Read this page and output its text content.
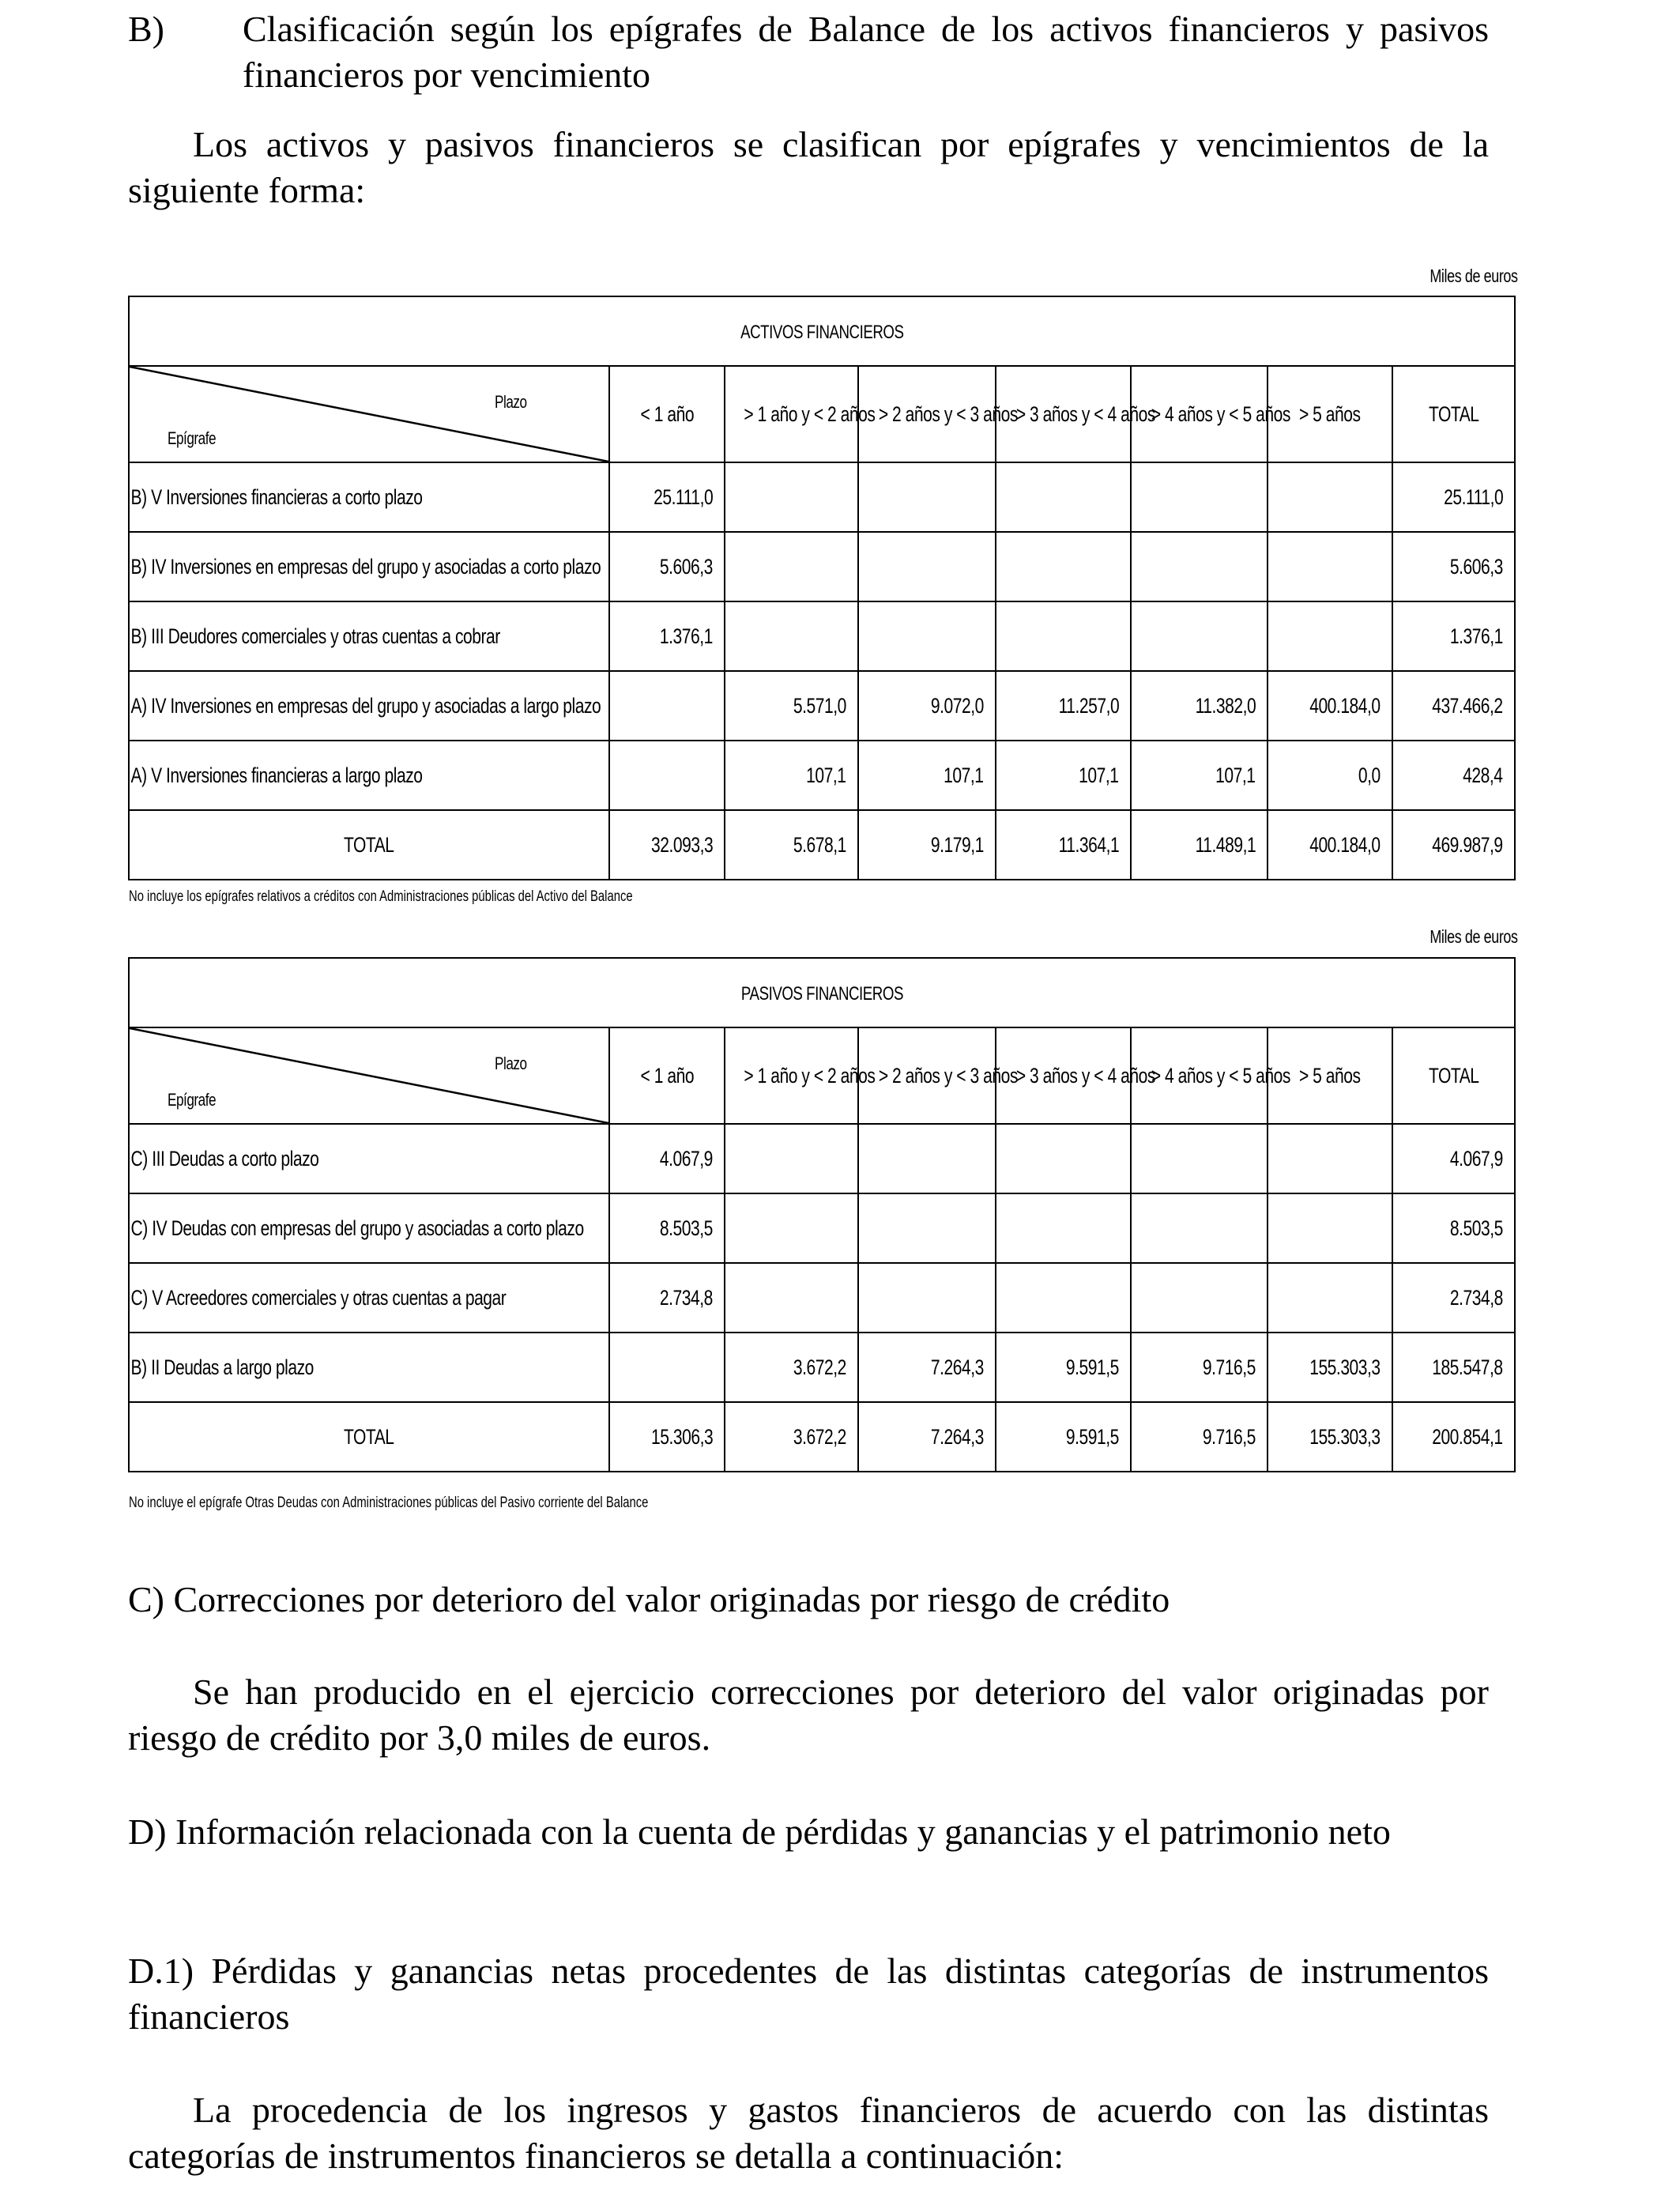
B)	Clasificación según los epígrafes de Balance de los activos financieros y pasivos financieros por vencimiento

Los activos y pasivos financieros se clasifican por epígrafes y vencimientos de la siguiente forma:

Miles de euros
ACTIVOS FINANCIEROS							

Plazo
Epígrafe	< 1 año	> 1 año y < 2 años	> 2 años y < 3 años	> 3 años y < 4 años	> 4 años y < 5 años	> 5 años	TOTAL
B) V Inversiones financieras a corto plazo	25.111,0						25.111,0
B) IV Inversiones en empresas del grupo y asociadas a corto plazo	5.606,3						5.606,3
B) III Deudores comerciales y otras cuentas a cobrar	1.376,1						1.376,1
A) IV Inversiones en empresas del grupo y asociadas a largo plazo		5.571,0	9.072,0	11.257,0	11.382,0	400.184,0	437.466,2
A) V Inversiones financieras a largo plazo		107,1	107,1	107,1	107,1	0,0	428,4
TOTAL	32.093,3	5.678,1	9.179,1	11.364,1	11.489,1	400.184,0	469.987,9
No incluye los epígrafes relativos a créditos con Administraciones públicas del Activo del Balance
Miles de euros
PASIVOS FINANCIEROS							

Plazo
Epígrafe	< 1 año	> 1 año y < 2 años	> 2 años y < 3 años	> 3 años y < 4 años	> 4 años y < 5 años	> 5 años	TOTAL
C) III Deudas a corto plazo	4.067,9						4.067,9
C) IV Deudas con empresas del grupo y asociadas a corto plazo	8.503,5						8.503,5
C) V Acreedores comerciales y otras cuentas a pagar	2.734,8						2.734,8
B) II Deudas a largo plazo		3.672,2	7.264,3	9.591,5	9.716,5	155.303,3	185.547,8
TOTAL	15.306,3	3.672,2	7.264,3	9.591,5	9.716,5	155.303,3	200.854,1
No incluye el epígrafe Otras Deudas con Administraciones públicas del Pasivo corriente del Balance

C) Correcciones por deterioro del valor originadas por riesgo de crédito

Se han producido en el ejercicio correcciones por deterioro del valor originadas por riesgo de crédito por 3,0 miles de euros.

D) Información relacionada con la cuenta de pérdidas y ganancias y el patrimonio neto

D.1) Pérdidas y ganancias netas procedentes de las distintas categorías de instrumentos financieros

La procedencia de los ingresos y gastos financieros de acuerdo con las distintas categorías de instrumentos financieros se detalla a continuación:
